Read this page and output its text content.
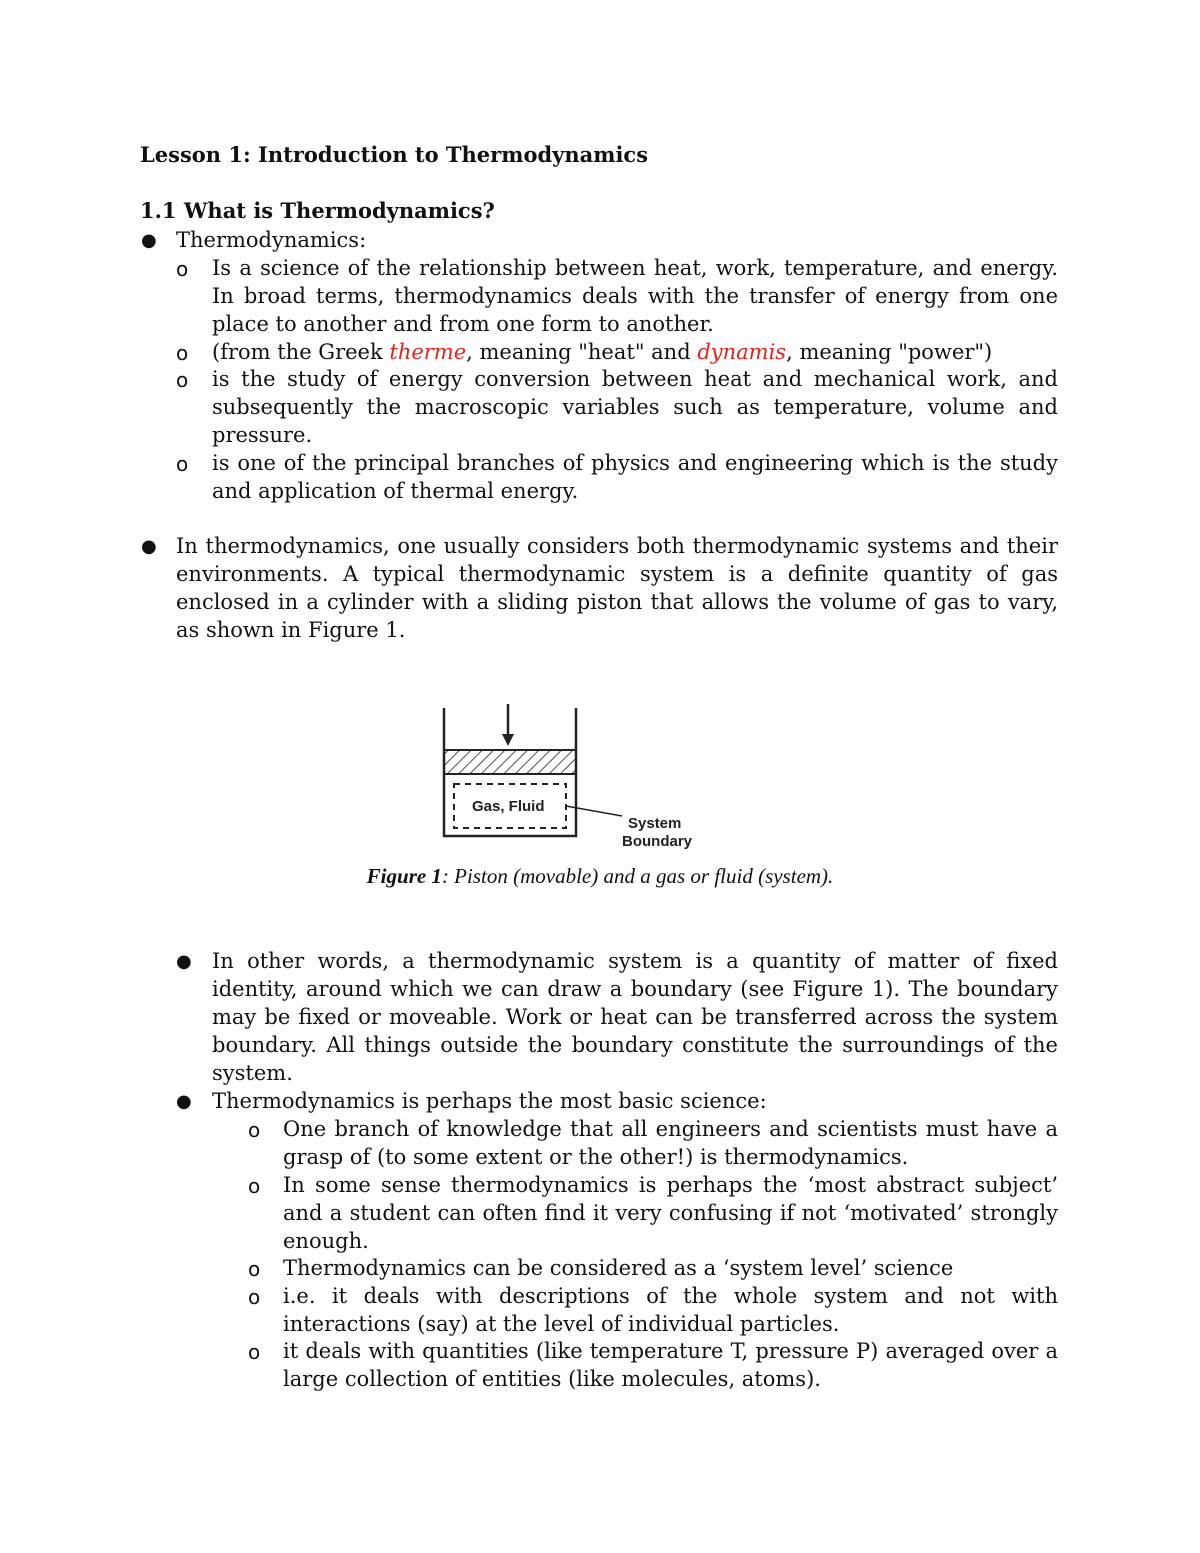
Lesson 1: Introduction to Thermodynamics
1.1 What is Thermodynamics?
● Thermodynamics:
o Is a science of the relationship between heat, work, temperature, and energy. In broad terms, thermodynamics deals with the transfer of energy from one place to another and from one form to another.
o (from the Greek therme, meaning "heat" and dynamis, meaning "power")
o is the study of energy conversion between heat and mechanical work, and subsequently the macroscopic variables such as temperature, volume and pressure.
o is one of the principal branches of physics and engineering which is the study and application of thermal energy.
● In thermodynamics, one usually considers both thermodynamic systems and their environments. A typical thermodynamic system is a definite quantity of gas enclosed in a cylinder with a sliding piston that allows the volume of gas to vary, as shown in Figure 1.
Gas, Fluid
System
Boundary
Figure 1: Piston (movable) and a gas or fluid (system).
● In other words, a thermodynamic system is a quantity of matter of fixed identity, around which we can draw a boundary (see Figure 1). The boundary may be fixed or moveable. Work or heat can be transferred across the system boundary. All things outside the boundary constitute the surroundings of the system.
● Thermodynamics is perhaps the most basic science:
o One branch of knowledge that all engineers and scientists must have a grasp of (to some extent or the other!) is thermodynamics.
o In some sense thermodynamics is perhaps the ‘most abstract subject’ and a student can often find it very confusing if not ‘motivated’ strongly enough.
o Thermodynamics can be considered as a ‘system level’ science
o i.e. it deals with descriptions of the whole system and not with interactions (say) at the level of individual particles.
o it deals with quantities (like temperature T, pressure P) averaged over a large collection of entities (like molecules, atoms).
